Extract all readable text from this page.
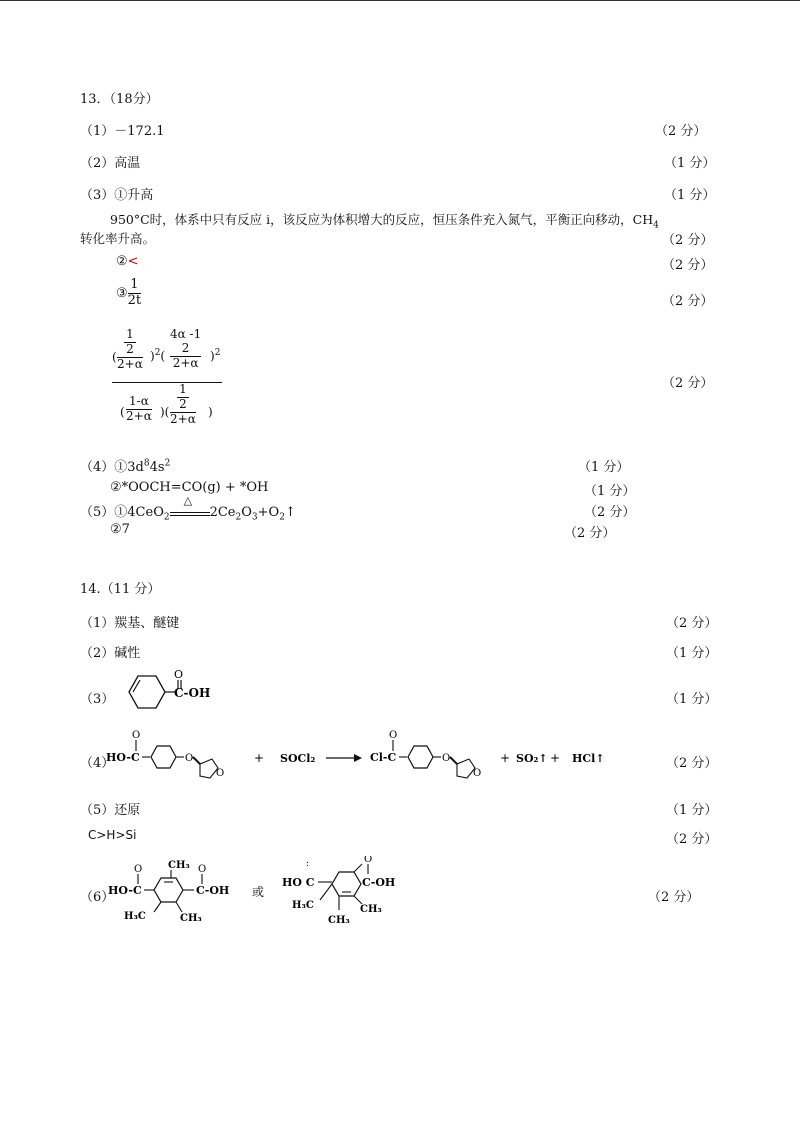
13．（18分）
（1）－172.1	（2 分）
（2）高温	（1 分）
（3）①升高	（1 分）
950°C时，体系中只有反应 i，该反应为体积增大的反应，恒压条件充入氮气，平衡正向移动，$CH_4$
转化率升高。	（2 分）
②<	（2 分）
③ $\frac{1}{2t}$	（2 分）
( $\frac{\frac{1}{2}}{2+\alpha} )^2$(
4α -1
2
2+α )$^2$
( $\frac{1-\alpha}{2+\alpha}$ )( $\frac{\frac{1}{2}}{2+\alpha}$ )
（2 分）
$(4)①3d^84s^2$	（1 分）
②*OOCH=CO(g) + *OH	（1 分）
（5）①4CeO$_2$
△
$2Ce_2O_3+O_2↑$	（2 分）
②7	（2 分）
14.（11 分）
（1）羰基、醚键	（2 分）
（2）碱性	（1 分）
（3）
O
C-OH	（1 分）
（4）
HO-C
O
O
O
+ SOCl₂	Cl-C
O
O
O
+ SO₂↑ + HCl↑	（2 分）
（5）还原	（1 分）
C>H>Si	（2 分）
（6）
HO-C
O	CH₃ O
C-OH
H₃C	CH₃
或
HO C
:	O
C-OH
H₃C	CH₃
CH₃
（2 分）
